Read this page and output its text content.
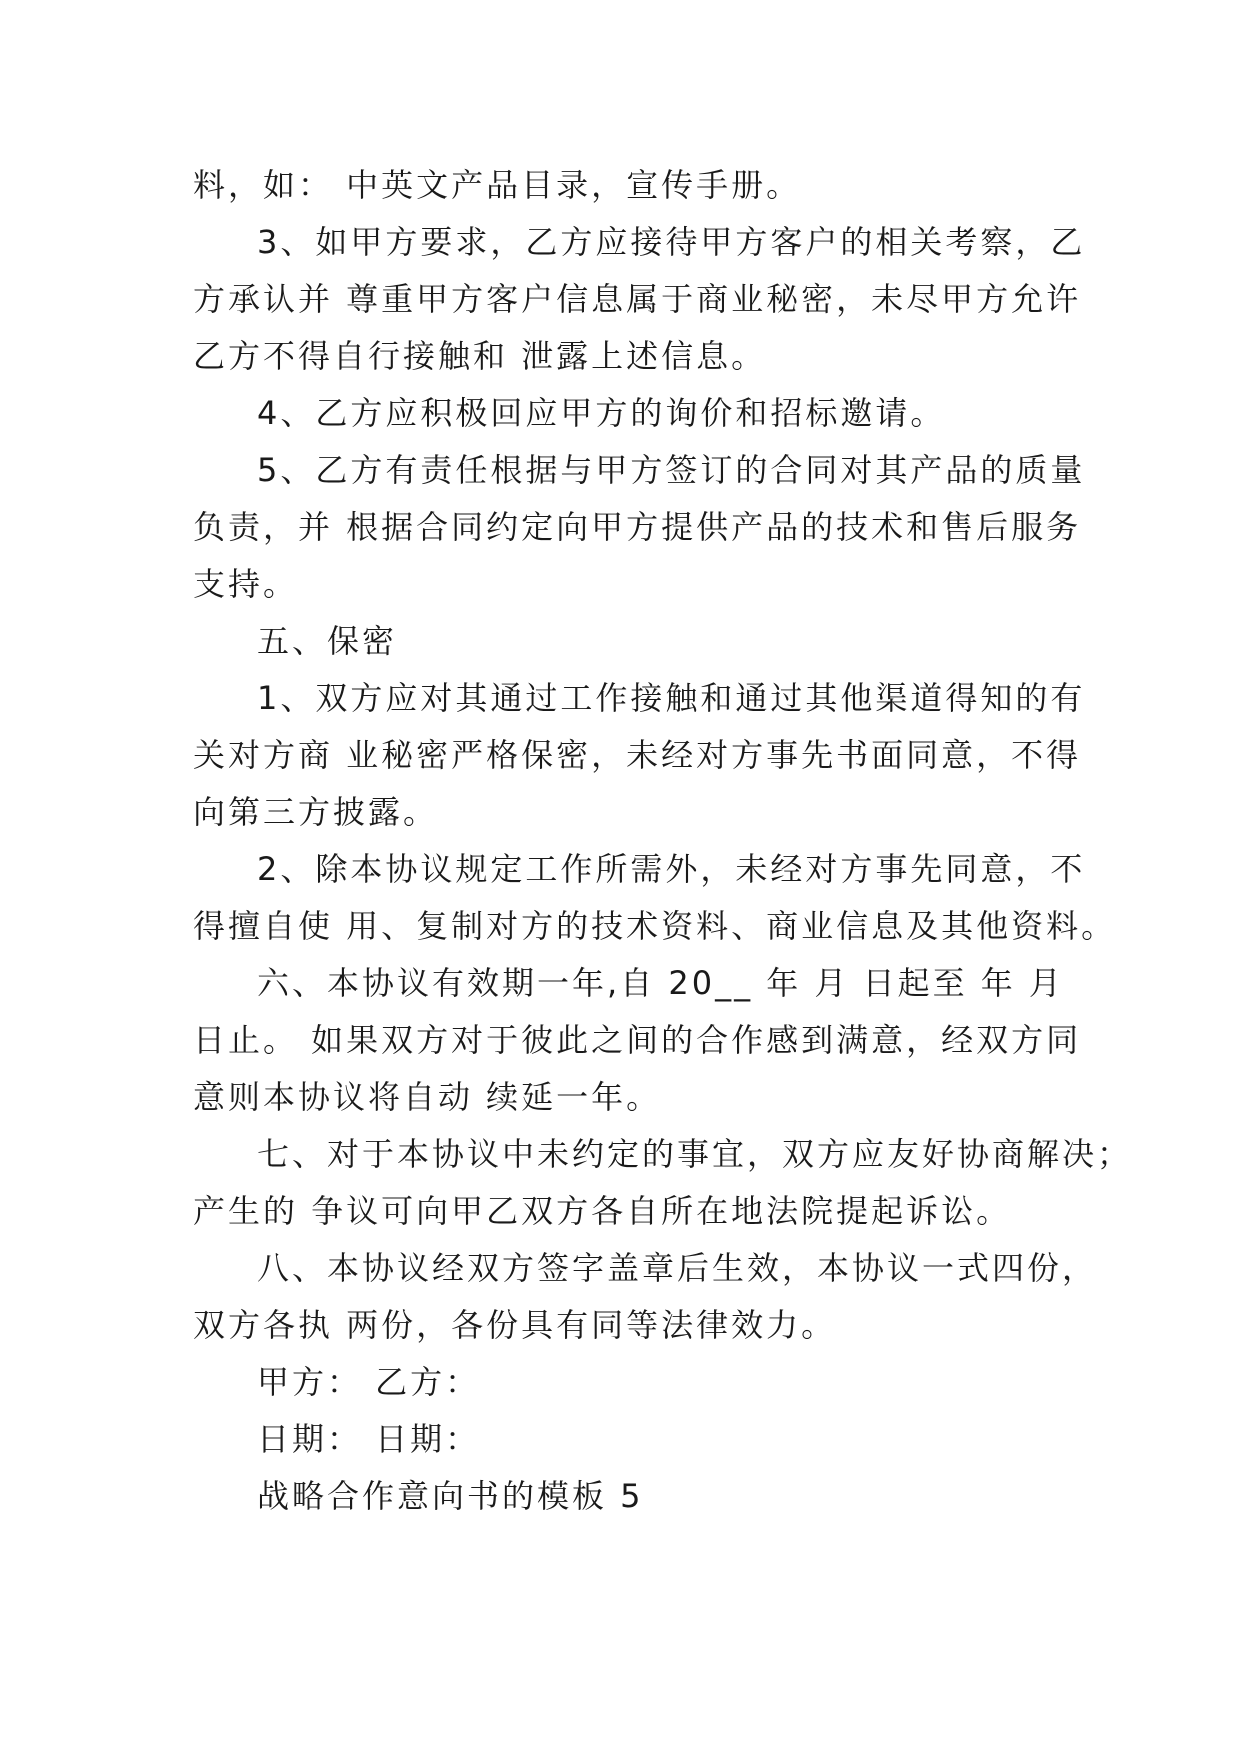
料，如： 中英文产品目录，宣传手册。
3、如甲方要求，乙方应接待甲方客户的相关考察，乙
方承认并 尊重甲方客户信息属于商业秘密，未尽甲方允许
乙方不得自行接触和 泄露上述信息。
4、乙方应积极回应甲方的询价和招标邀请。
5、乙方有责任根据与甲方签订的合同对其产品的质量
负责，并 根据合同约定向甲方提供产品的技术和售后服务
支持。
五、保密
1、双方应对其通过工作接触和通过其他渠道得知的有
关对方商 业秘密严格保密，未经对方事先书面同意，不得
向第三方披露。
2、除本协议规定工作所需外，未经对方事先同意，不
得擅自使 用、复制对方的技术资料、商业信息及其他资料。
六、本协议有效期一年,自 20__ 年 月 日起至 年 月
日止。 如果双方对于彼此之间的合作感到满意，经双方同
意则本协议将自动 续延一年。
七、对于本协议中未约定的事宜，双方应友好协商解决；
产生的 争议可向甲乙双方各自所在地法院提起诉讼。
八、本协议经双方签字盖章后生效，本协议一式四份，
双方各执 两份，各份具有同等法律效力。
甲方： 乙方：
日期： 日期：
战略合作意向书的模板 5
